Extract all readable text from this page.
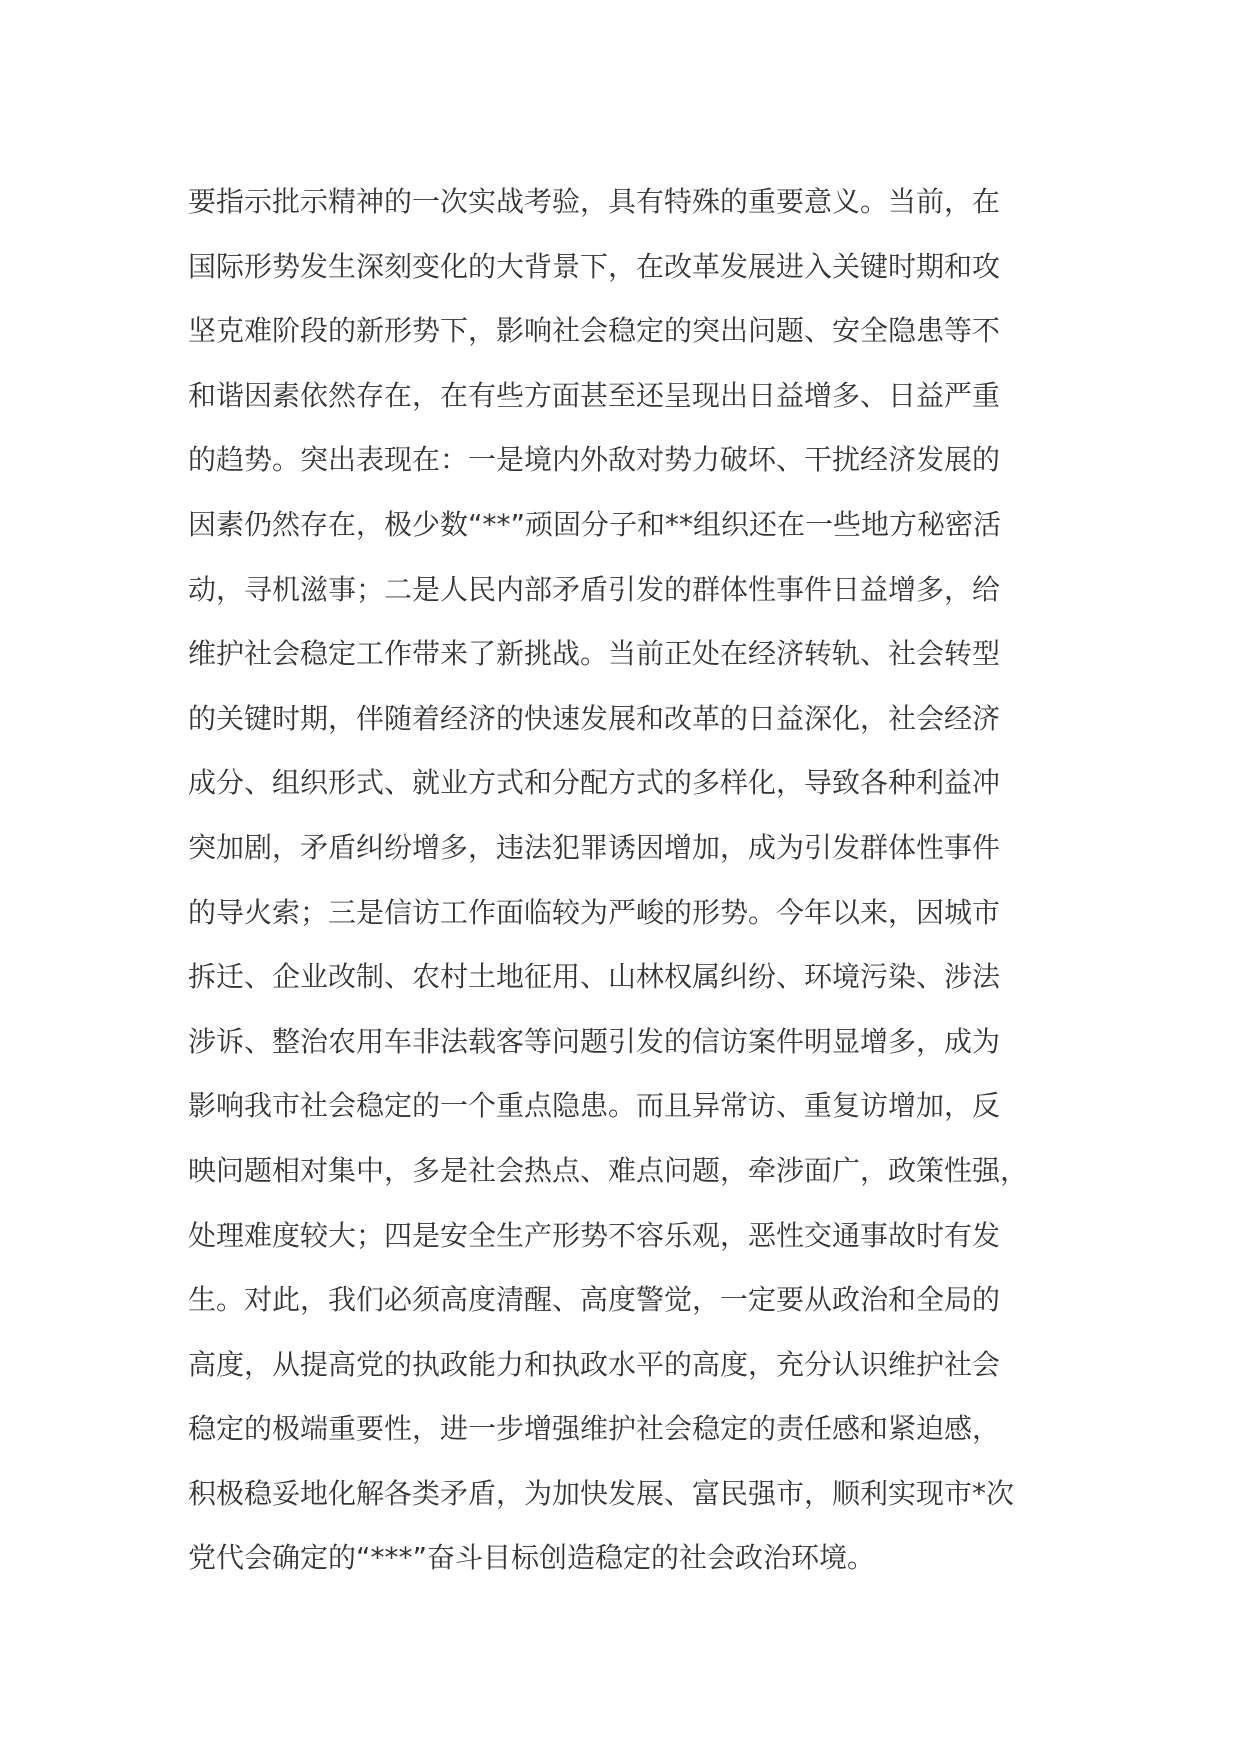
要指示批示精神的一次实战考验，具有特殊的重要意义。当前，在
国际形势发生深刻变化的大背景下，在改革发展进入关键时期和攻
坚克难阶段的新形势下，影响社会稳定的突出问题、安全隐患等不
和谐因素依然存在，在有些方面甚至还呈现出日益增多、日益严重
的趋势。突出表现在：一是境内外敌对势力破坏、干扰经济发展的
因素仍然存在，极少数“**”顽固分子和**组织还在一些地方秘密活
动，寻机滋事；二是人民内部矛盾引发的群体性事件日益增多，给
维护社会稳定工作带来了新挑战。当前正处在经济转轨、社会转型
的关键时期，伴随着经济的快速发展和改革的日益深化，社会经济
成分、组织形式、就业方式和分配方式的多样化，导致各种利益冲
突加剧，矛盾纠纷增多，违法犯罪诱因增加，成为引发群体性事件
的导火索；三是信访工作面临较为严峻的形势。今年以来，因城市
拆迁、企业改制、农村土地征用、山林权属纠纷、环境污染、涉法
涉诉、整治农用车非法载客等问题引发的信访案件明显增多，成为
影响我市社会稳定的一个重点隐患。而且异常访、重复访增加，反
映问题相对集中，多是社会热点、难点问题，牵涉面广，政策性强，
处理难度较大；四是安全生产形势不容乐观，恶性交通事故时有发
生。对此，我们必须高度清醒、高度警觉，一定要从政治和全局的
高度，从提高党的执政能力和执政水平的高度，充分认识维护社会
稳定的极端重要性，进一步增强维护社会稳定的责任感和紧迫感，
积极稳妥地化解各类矛盾，为加快发展、富民强市，顺利实现市*次
党代会确定的“***”奋斗目标创造稳定的社会政治环境。
